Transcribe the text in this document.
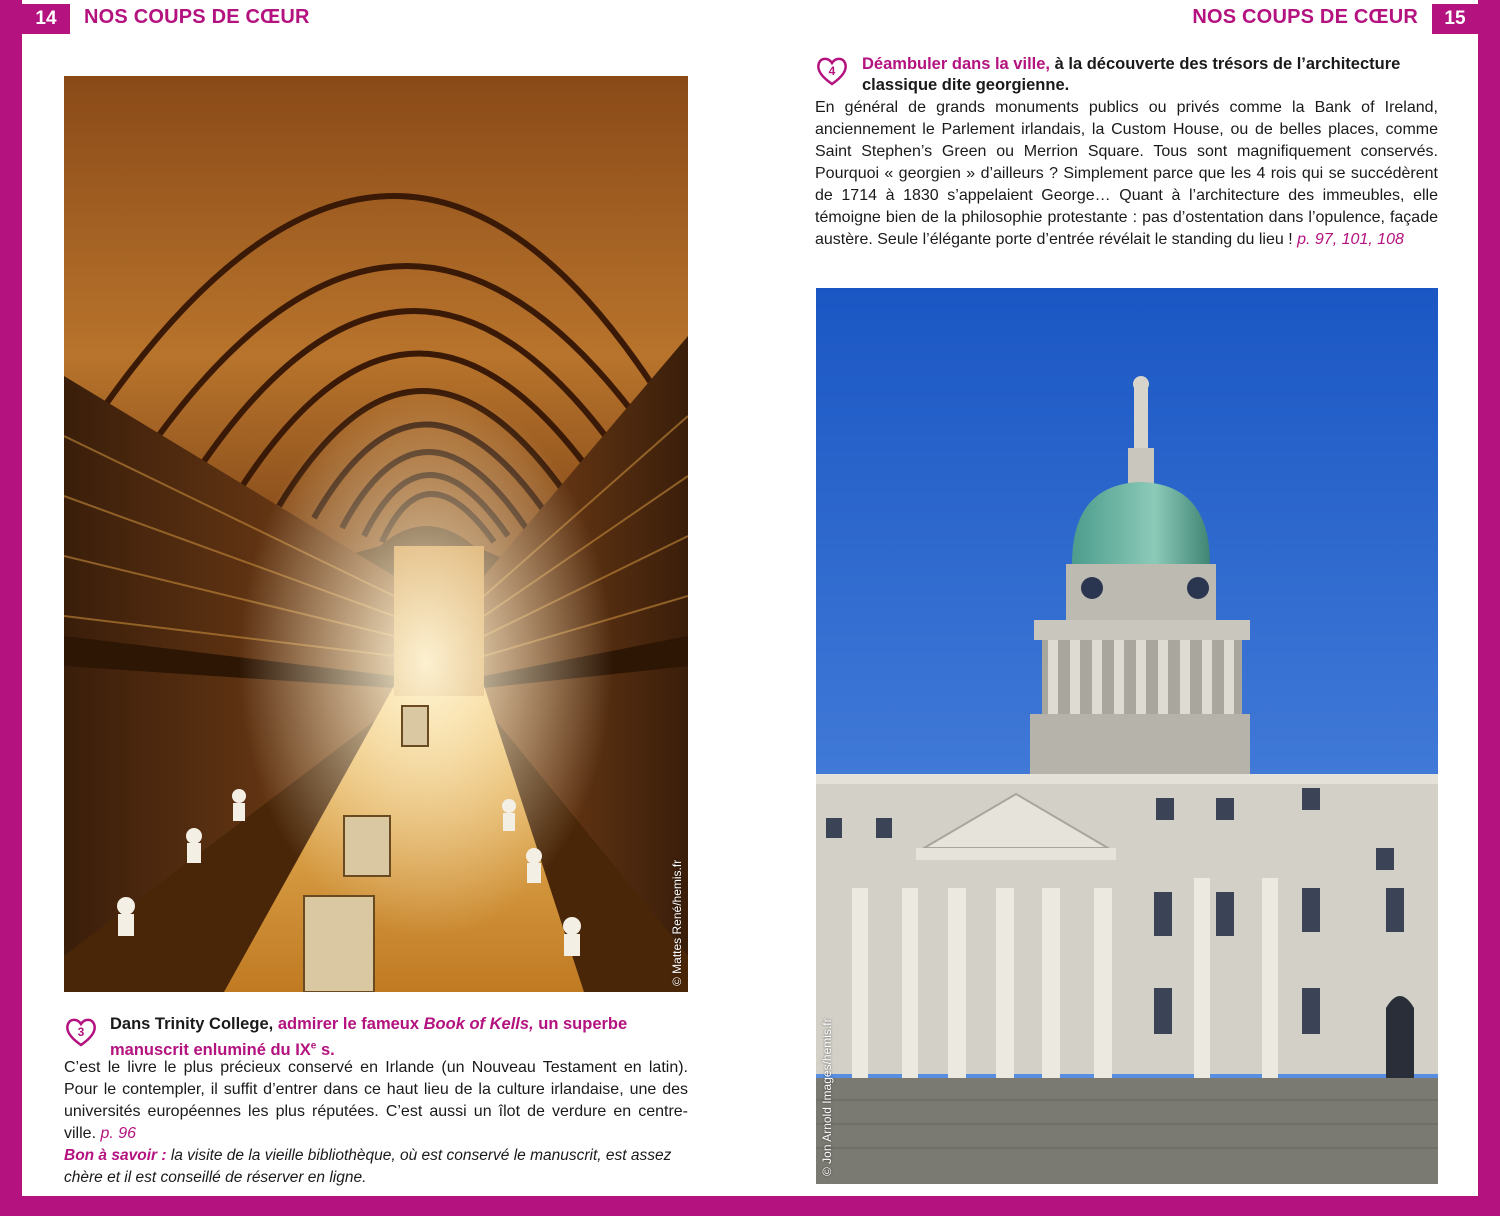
14	NOS COUPS DE CŒUR	NOS COUPS DE CŒUR	15
© Mattes René/hemis.fr
3 Dans Trinity College, admirer le fameux Book of Kells, un superbe manuscrit enluminé du IXe s.
C’est le livre le plus précieux conservé en Irlande (un Nouveau Testament en latin). Pour le contempler, il suffit d’entrer dans ce haut lieu de la culture irlandaise, une des universités européennes les plus réputées. C’est aussi un îlot de verdure en centre-ville. p. 96
Bon à savoir : la visite de la vieille bibliothèque, où est conservé le manuscrit, est assez chère et il est conseillé de réserver en ligne.
4 Déambuler dans la ville, à la découverte des trésors de l’architecture classique dite georgienne.
En général de grands monuments publics ou privés comme la Bank of Ireland, anciennement le Parlement irlandais, la Custom House, ou de belles places, comme Saint Stephen’s Green ou Merrion Square. Tous sont magnifiquement conservés. Pourquoi « georgien » d’ailleurs ? Simplement parce que les 4 rois qui se succédèrent de 1714 à 1830 s’appelaient George… Quant à l’architecture des immeubles, elle témoigne bien de la philosophie protestante : pas d’ostentation dans l’opulence, façade austère. Seule l’élégante porte d’entrée révélait le standing du lieu ! p. 97, 101, 108
© Jon Arnold Images/hemis.fr
